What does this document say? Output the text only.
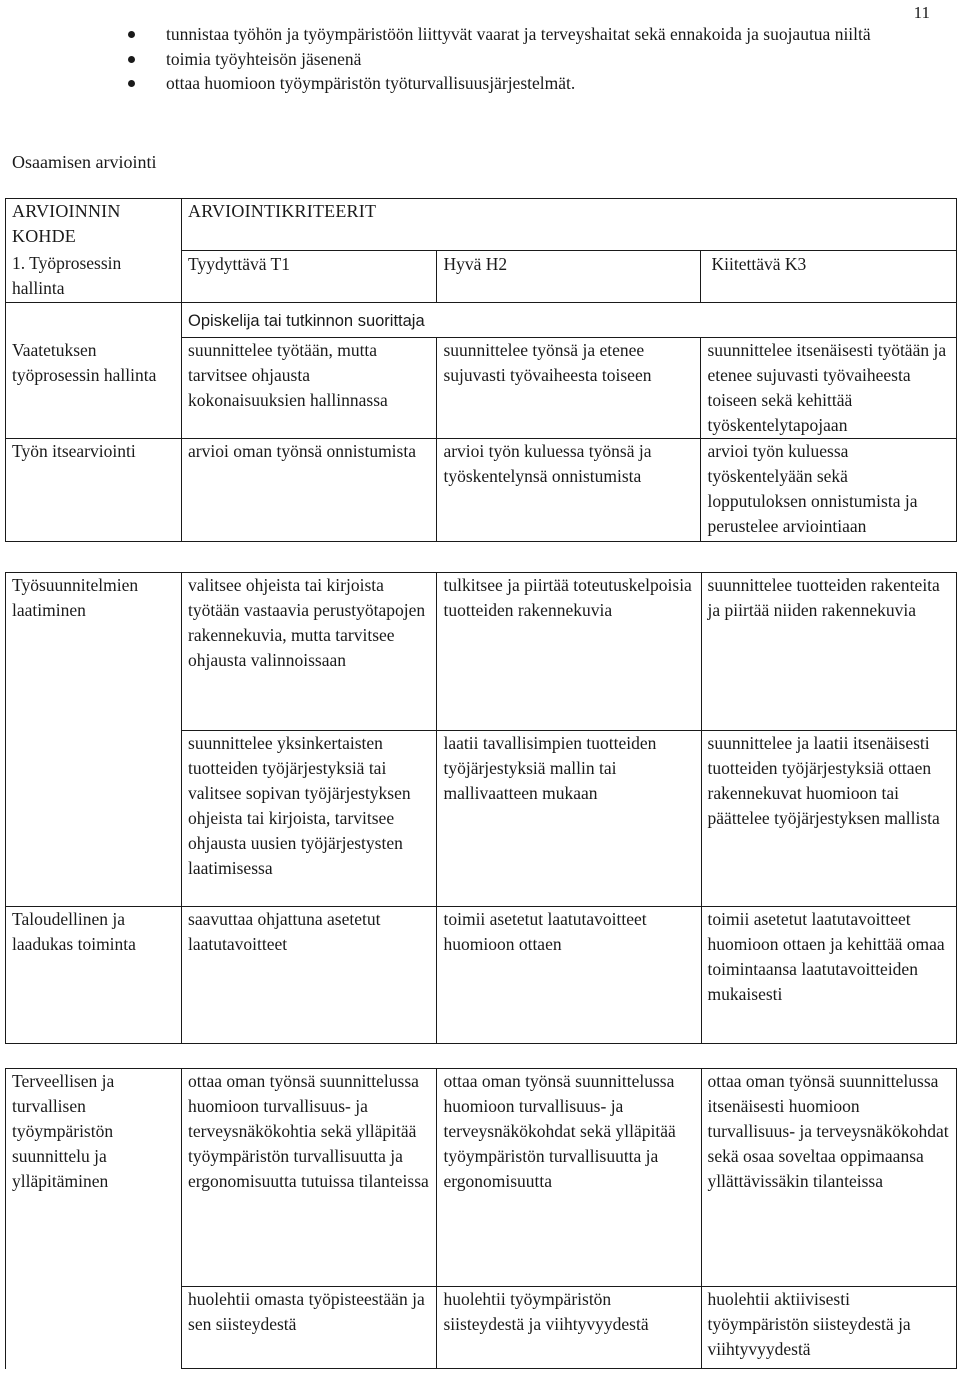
11
tunnistaa työhön ja työympäristöön liittyvät vaarat ja terveyshaitat sekä ennakoida ja suojautua niiltä
toimia työyhteisön jäsenenä
ottaa huomioon työympäristön työturvallisuusjärjestelmät.
Osaamisen arviointi
ARVIOINNIN KOHDE	ARVIOINTIKRITEERIT		
1. Työprosessin hallinta	Tyydyttävä T1	Hyvä H2	Kiitettävä K3
	Opiskelija tai tutkinnon suorittaja		
Vaatetuksen työprosessin hallinta	suunnittelee työtään, mutta tarvitsee ohjausta kokonaisuuksien hallinnassa	suunnittelee työnsä ja etenee sujuvasti työvaiheesta toiseen	suunnittelee itsenäisesti työtään ja etenee sujuvasti työvaiheesta toiseen sekä kehittää työskentelytapojaan
Työn itsearviointi	arvioi oman työnsä onnistumista	arvioi työn kuluessa työnsä ja työskentelynsä onnistumista	arvioi työn kuluessa työskentelyään sekä lopputuloksen onnistumista ja perustelee arviointiaan
Työsuunnitelmien laatiminen	valitsee ohjeista tai kirjoista työtään vastaavia perustyötapojen rakennekuvia, mutta tarvitsee ohjausta valinnoissaan	tulkitsee ja piirtää toteutuskelpoisia tuotteiden rakennekuvia	suunnittelee tuotteiden rakenteita ja piirtää niiden rakennekuvia
	suunnittelee yksinkertaisten tuotteiden työjärjestyksiä tai valitsee sopivan työjärjestyksen ohjeista tai kirjoista, tarvitsee ohjausta uusien työjärjestysten laatimisessa	laatii tavallisimpien tuotteiden työjärjestyksiä mallin tai mallivaatteen mukaan	suunnittelee ja laatii itsenäisesti tuotteiden työjärjestyksiä ottaen rakennekuvat huomioon tai päättelee työjärjestyksen mallista
Taloudellinen ja laadukas toiminta	saavuttaa ohjattuna asetetut laatutavoitteet	toimii asetetut laatutavoitteet huomioon ottaen	toimii asetetut laatutavoitteet huomioon ottaen ja kehittää omaa toimintaansa laatutavoitteiden mukaisesti
Terveellisen ja turvallisen työympäristön suunnittelu ja ylläpitäminen	ottaa oman työnsä suunnittelussa huomioon turvallisuus- ja terveysnäkökohtia sekä ylläpitää työympäristön turvallisuutta ja ergonomisuutta tutuissa tilanteissa	ottaa oman työnsä suunnittelussa huomioon turvallisuus- ja terveysnäkökohdat sekä ylläpitää työympäristön turvallisuutta ja ergonomisuutta	ottaa oman työnsä suunnittelussa itsenäisesti huomioon turvallisuus- ja terveysnäkökohdat sekä osaa soveltaa oppimaansa yllättävissäkin tilanteissa
	huolehtii omasta työpisteestään ja sen siisteydestä	huolehtii työympäristön siisteydestä ja viihtyvyydestä	huolehtii aktiivisesti työympäristön siisteydestä ja viihtyvyydestä
